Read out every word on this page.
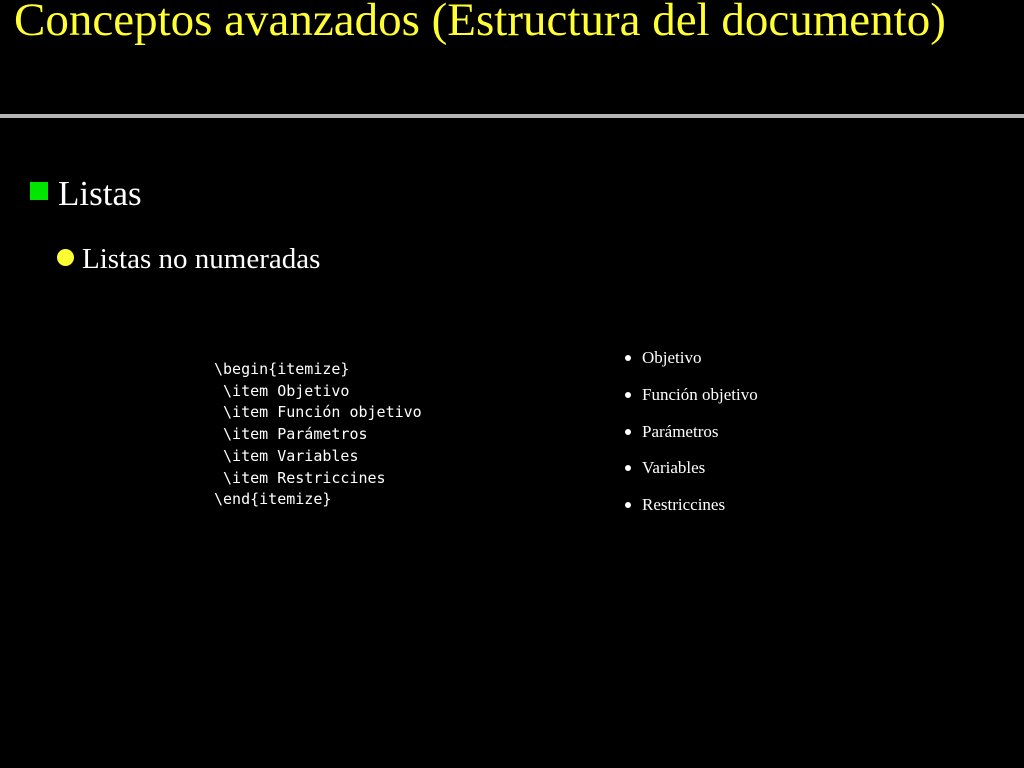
Conceptos avanzados (Estructura del documento)
Listas
Listas no numeradas
\begin{itemize}
\item Objetivo
\item Función objetivo
\item Parámetros
\item Variables
\item Restriccines
\end{itemize}
Objetivo
Función objetivo
Parámetros
Variables
Restriccines
